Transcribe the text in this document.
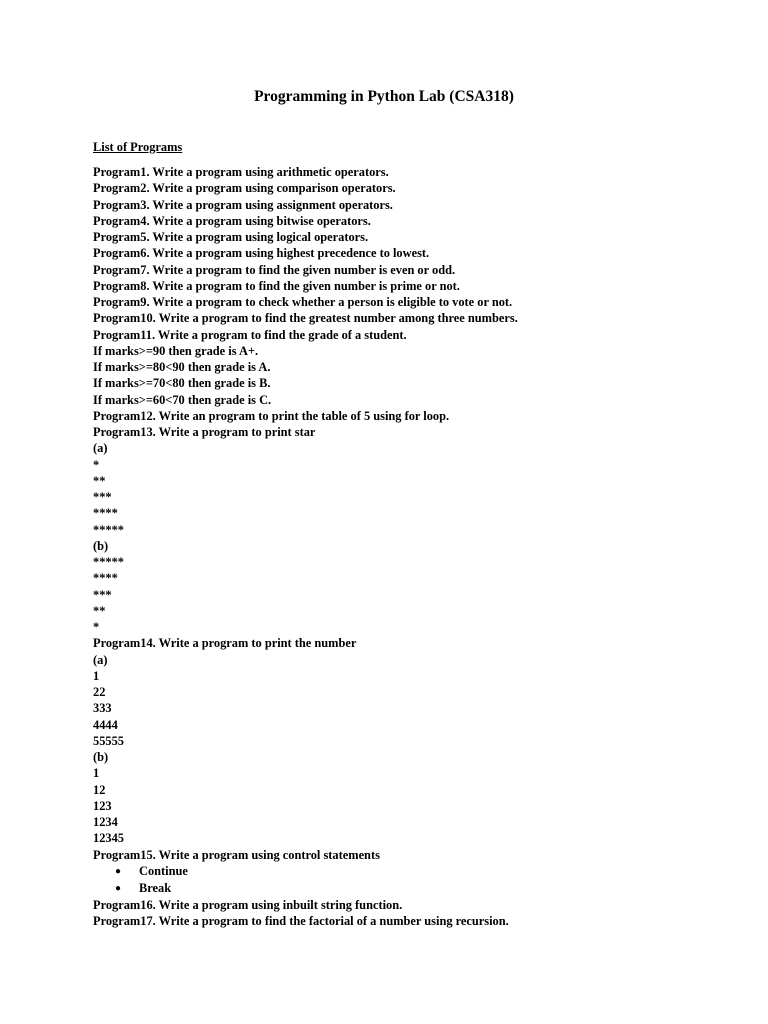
Programming in Python Lab (CSA318)
List of Programs
Program1. Write a program using arithmetic operators.
Program2. Write a program using comparison operators.
Program3. Write a program using assignment operators.
Program4. Write a program using bitwise operators.
Program5. Write a program using logical operators.
Program6. Write a program using highest precedence to lowest.
Program7. Write a program to find the given number is even or odd.
Program8. Write a program to find the given number is prime or not.
Program9. Write a program to check whether a person is eligible to vote or not.
Program10. Write a program to find the greatest number among three numbers.
Program11. Write a program to find the grade of a student.
If marks>=90 then grade is A+.
If marks>=80<90 then grade is A.
If marks>=70<80 then grade is B.
If marks>=60<70 then grade is C.
Program12. Write an program to print the table of 5 using for loop.
Program13. Write a program to print star
(a)
*
**
***
****
*****
(b)
*****
****
***
**
*
Program14. Write a program to print the number
(a)
1
22
333
4444
55555
(b)
1
12
123
1234
12345
Program15. Write a program using control statements
● Continue
● Break
Program16. Write a program using inbuilt string function.
Program17. Write a program to find the factorial of a number using recursion.
